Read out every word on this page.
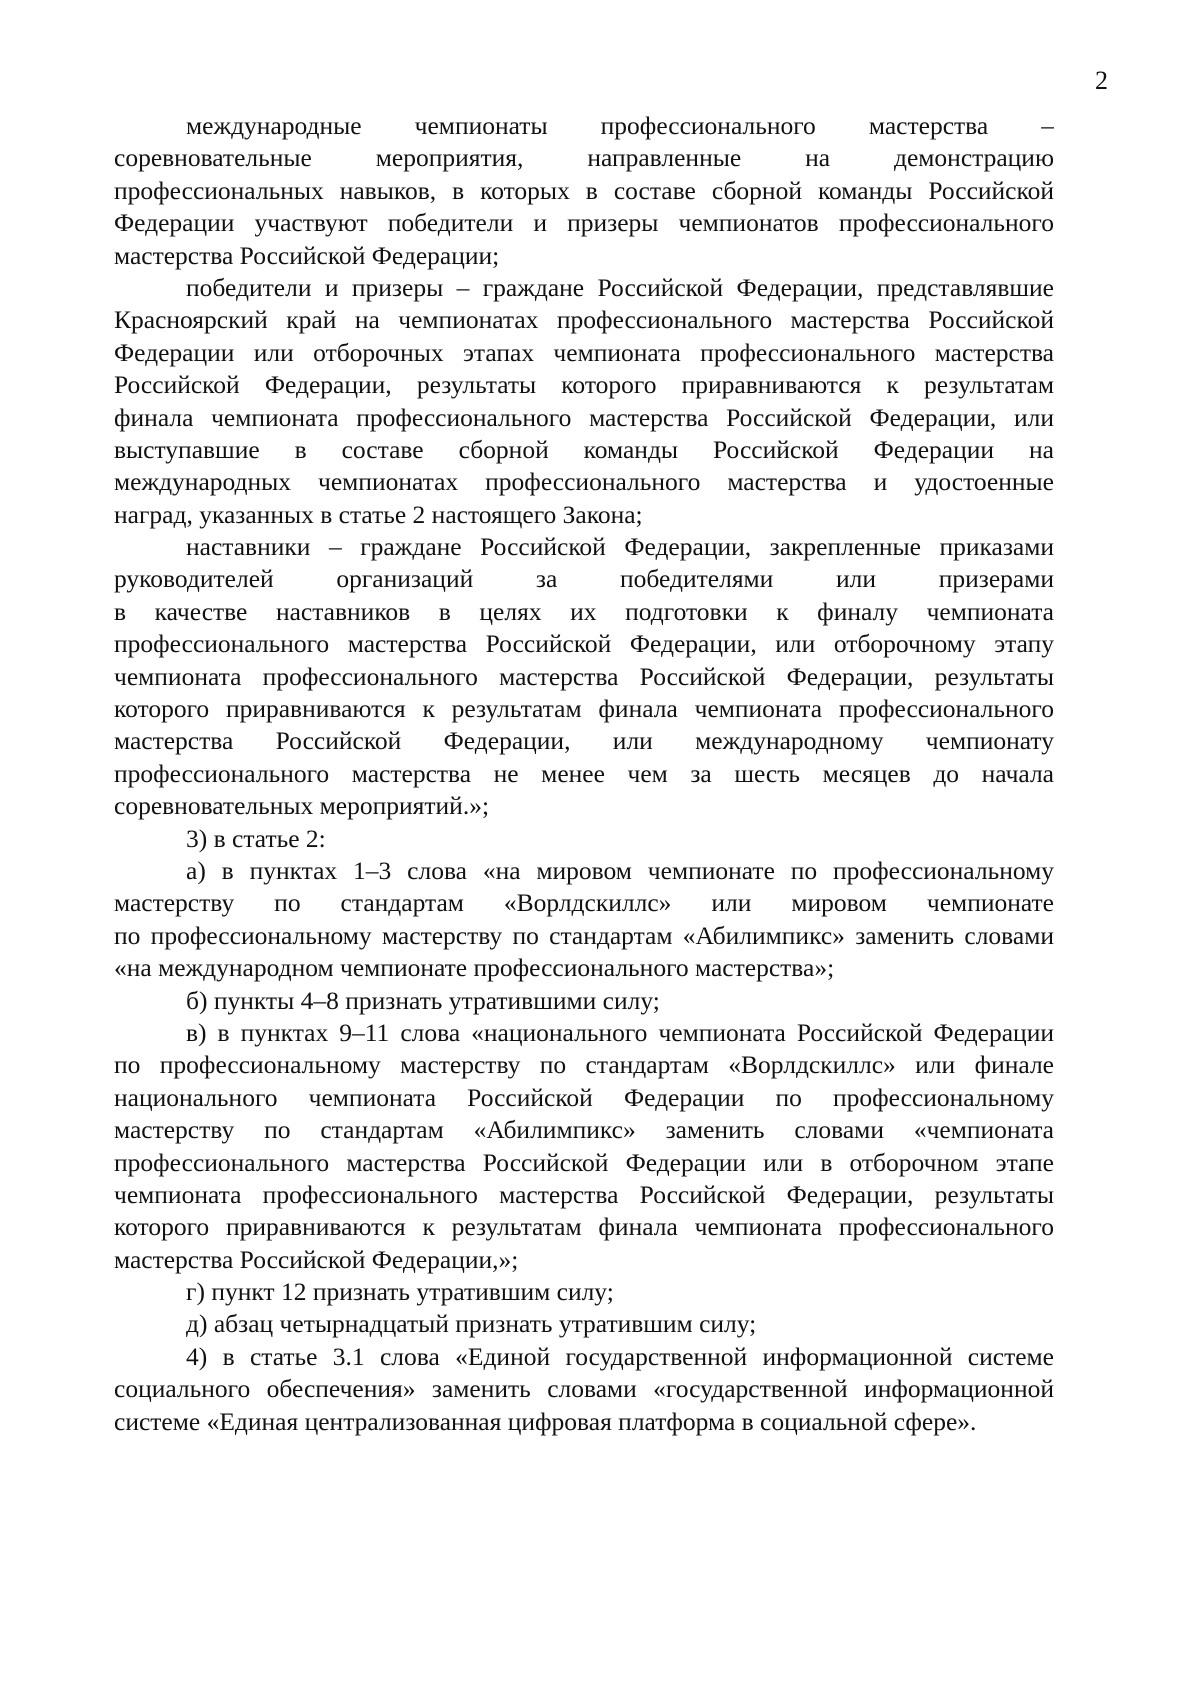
2
международные чемпионаты профессионального мастерства –
соревновательные мероприятия, направленные на демонстрацию
профессиональных навыков, в которых в составе сборной команды Российской
Федерации участвуют победители и призеры чемпионатов профессионального
мастерства Российской Федерации;
победители и призеры – граждане Российской Федерации, представлявшие
Красноярский край на чемпионатах профессионального мастерства Российской
Федерации или отборочных этапах чемпионата профессионального мастерства
Российской Федерации, результаты которого приравниваются к результатам
финала чемпионата профессионального мастерства Российской Федерации, или
выступавшие в составе сборной команды Российской Федерации на
международных чемпионатах профессионального мастерства и удостоенные
наград, указанных в статье 2 настоящего Закона;
наставники – граждане Российской Федерации, закрепленные приказами
руководителей организаций за победителями или призерами
в качестве наставников в целях их подготовки к финалу чемпионата
профессионального мастерства Российской Федерации, или отборочному этапу
чемпионата профессионального мастерства Российской Федерации, результаты
которого приравниваются к результатам финала чемпионата профессионального
мастерства Российской Федерации, или международному чемпионату
профессионального мастерства не менее чем за шесть месяцев до начала
соревновательных мероприятий.»;
3) в статье 2:
а) в пунктах 1–3 слова «на мировом чемпионате по профессиональному
мастерству по стандартам «Ворлдскиллс» или мировом чемпионате
по профессиональному мастерству по стандартам «Абилимпикс» заменить словами
«на международном чемпионате профессионального мастерства»;
б) пункты 4–8 признать утратившими силу;
в) в пунктах 9–11 слова «национального чемпионата Российской Федерации
по профессиональному мастерству по стандартам «Ворлдскиллс» или финале
национального чемпионата Российской Федерации по профессиональному
мастерству по стандартам «Абилимпикс» заменить словами «чемпионата
профессионального мастерства Российской Федерации или в отборочном этапе
чемпионата профессионального мастерства Российской Федерации, результаты
которого приравниваются к результатам финала чемпионата профессионального
мастерства Российской Федерации,»;
г) пункт 12 признать утратившим силу;
д) абзац четырнадцатый признать утратившим силу;
4) в статье 3.1 слова «Единой государственной информационной системе
социального обеспечения» заменить словами «государственной информационной
системе «Единая централизованная цифровая платформа в социальной сфере».
